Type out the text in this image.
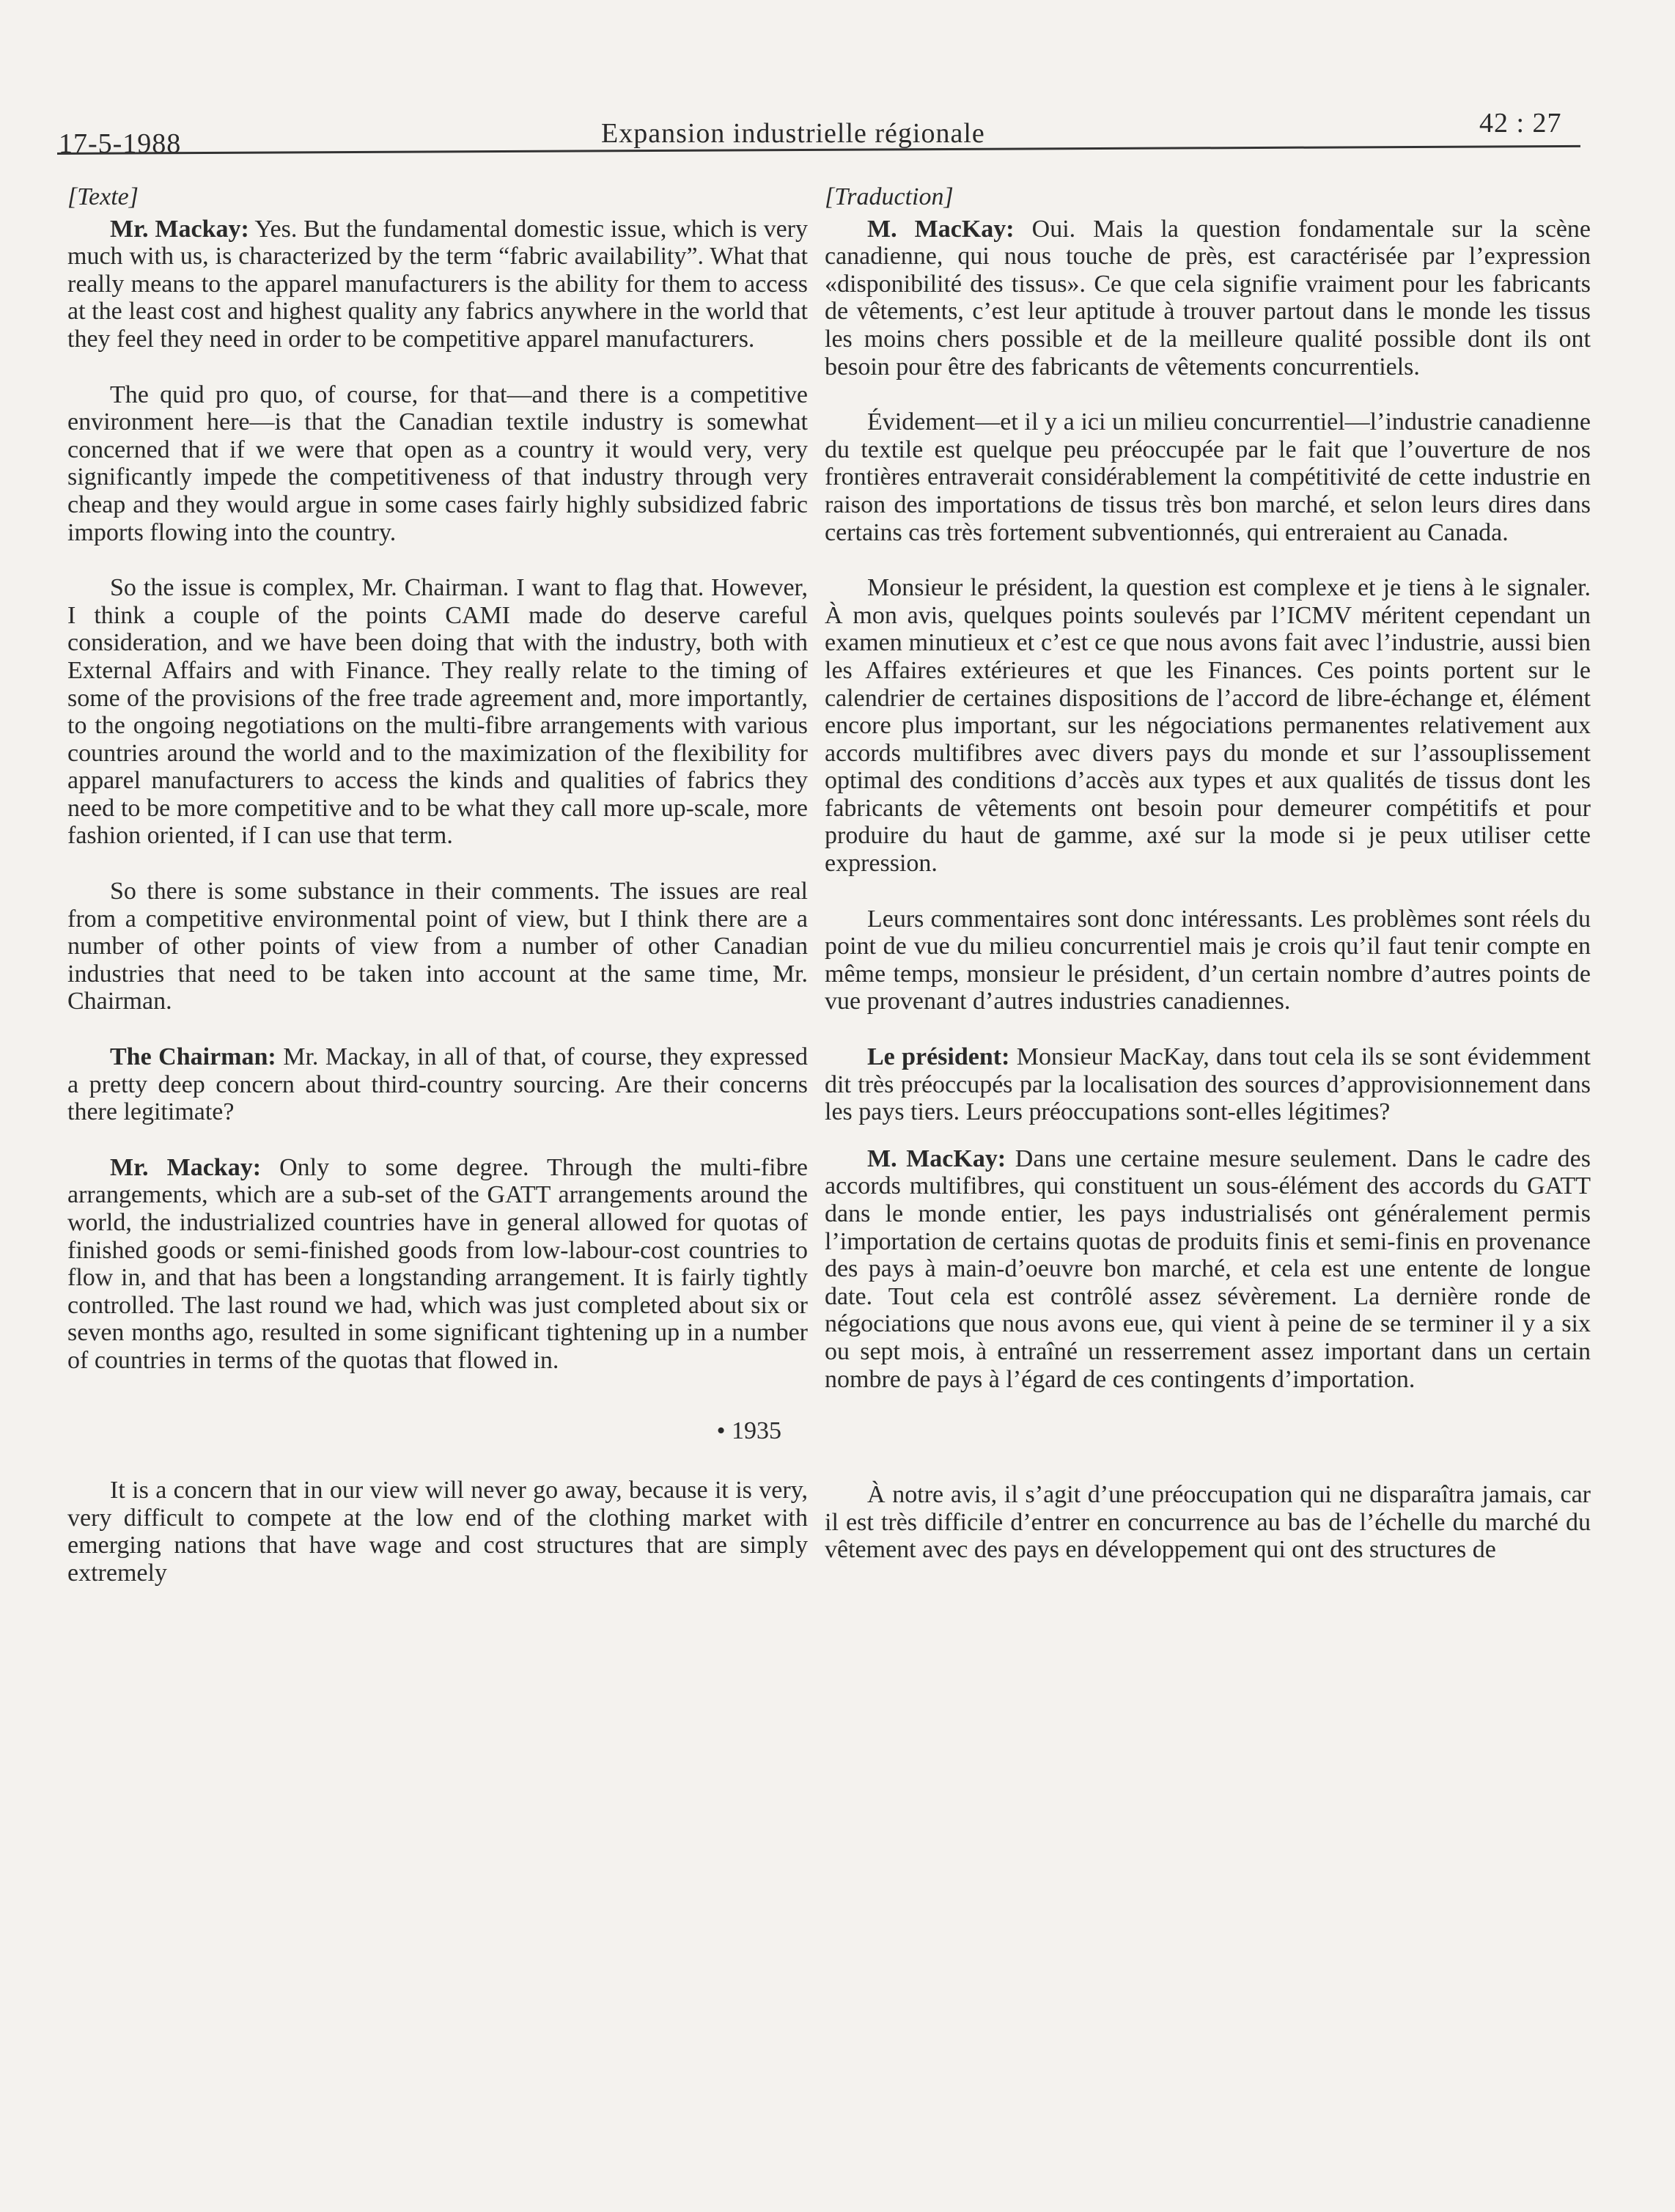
17-5-1988	Expansion industrielle régionale	42 : 27

[Texte]

Mr. Mackay: Yes. But the fundamental domestic issue, which is very much with us, is characterized by the term “fabric availability”. What that really means to the apparel manufacturers is the ability for them to access at the least cost and highest quality any fabrics anywhere in the world that they feel they need in order to be competitive apparel manufacturers.

The quid pro quo, of course, for that—and there is a competitive environment here—is that the Canadian textile industry is somewhat concerned that if we were that open as a country it would very, very significantly impede the competitiveness of that industry through very cheap and they would argue in some cases fairly highly subsidized fabric imports flowing into the country.

So the issue is complex, Mr. Chairman. I want to flag that. However, I think a couple of the points CAMI made do deserve careful consideration, and we have been doing that with the industry, both with External Affairs and with Finance. They really relate to the timing of some of the provisions of the free trade agreement and, more importantly, to the ongoing negotiations on the multi-fibre arrangements with various countries around the world and to the maximization of the flexibility for apparel manufacturers to access the kinds and qualities of fabrics they need to be more competitive and to be what they call more up-scale, more fashion oriented, if I can use that term.

So there is some substance in their comments. The issues are real from a competitive environmental point of view, but I think there are a number of other points of view from a number of other Canadian industries that need to be taken into account at the same time, Mr. Chairman.

The Chairman: Mr. Mackay, in all of that, of course, they expressed a pretty deep concern about third-country sourcing. Are their concerns there legitimate?

Mr. Mackay: Only to some degree. Through the multi-fibre arrangements, which are a sub-set of the GATT arrangements around the world, the industrialized countries have in general allowed for quotas of finished goods or semi-finished goods from low-labour-cost countries to flow in, and that has been a longstanding arrangement. It is fairly tightly controlled. The last round we had, which was just completed about six or seven months ago, resulted in some significant tightening up in a number of countries in terms of the quotas that flowed in.

• 1935

It is a concern that in our view will never go away, because it is very, very difficult to compete at the low end of the clothing market with emerging nations that have wage and cost structures that are simply extremely

[Traduction]

M. MacKay: Oui. Mais la question fondamentale sur la scène canadienne, qui nous touche de près, est caractérisée par l’expression «disponibilité des tissus». Ce que cela signifie vraiment pour les fabricants de vêtements, c’est leur aptitude à trouver partout dans le monde les tissus les moins chers possible et de la meilleure qualité possible dont ils ont besoin pour être des fabricants de vêtements concurrentiels.

Évidement—et il y a ici un milieu concurrentiel—l’industrie canadienne du textile est quelque peu préoccupée par le fait que l’ouverture de nos frontières entraverait considérablement la compétitivité de cette industrie en raison des importations de tissus très bon marché, et selon leurs dires dans certains cas très fortement subventionnés, qui entreraient au Canada.

Monsieur le président, la question est complexe et je tiens à le signaler. À mon avis, quelques points soulevés par l’ICMV méritent cependant un examen minutieux et c’est ce que nous avons fait avec l’industrie, aussi bien les Affaires extérieures et que les Finances. Ces points portent sur le calendrier de certaines dispositions de l’accord de libre-échange et, élément encore plus important, sur les négociations permanentes relativement aux accords multifibres avec divers pays du monde et sur l’assouplissement optimal des conditions d’accès aux types et aux qualités de tissus dont les fabricants de vêtements ont besoin pour demeurer compétitifs et pour produire du haut de gamme, axé sur la mode si je peux utiliser cette expression.

Leurs commentaires sont donc intéressants. Les problèmes sont réels du point de vue du milieu concurrentiel mais je crois qu’il faut tenir compte en même temps, monsieur le président, d’un certain nombre d’autres points de vue provenant d’autres industries canadiennes.

Le président: Monsieur MacKay, dans tout cela ils se sont évidemment dit très préoccupés par la localisation des sources d’approvisionnement dans les pays tiers. Leurs préoccupations sont-elles légitimes?

M. MacKay: Dans une certaine mesure seulement. Dans le cadre des accords multifibres, qui constituent un sous-élément des accords du GATT dans le monde entier, les pays industrialisés ont généralement permis l’importation de certains quotas de produits finis et semi-finis en provenance des pays à main-d’oeuvre bon marché, et cela est une entente de longue date. Tout cela est contrôlé assez sévèrement. La dernière ronde de négociations que nous avons eue, qui vient à peine de se terminer il y a six ou sept mois, à entraîné un resserrement assez important dans un certain nombre de pays à l’égard de ces contingents d’importation.

À notre avis, il s’agit d’une préoccupation qui ne disparaîtra jamais, car il est très difficile d’entrer en concurrence au bas de l’échelle du marché du vêtement avec des pays en développement qui ont des structures de
